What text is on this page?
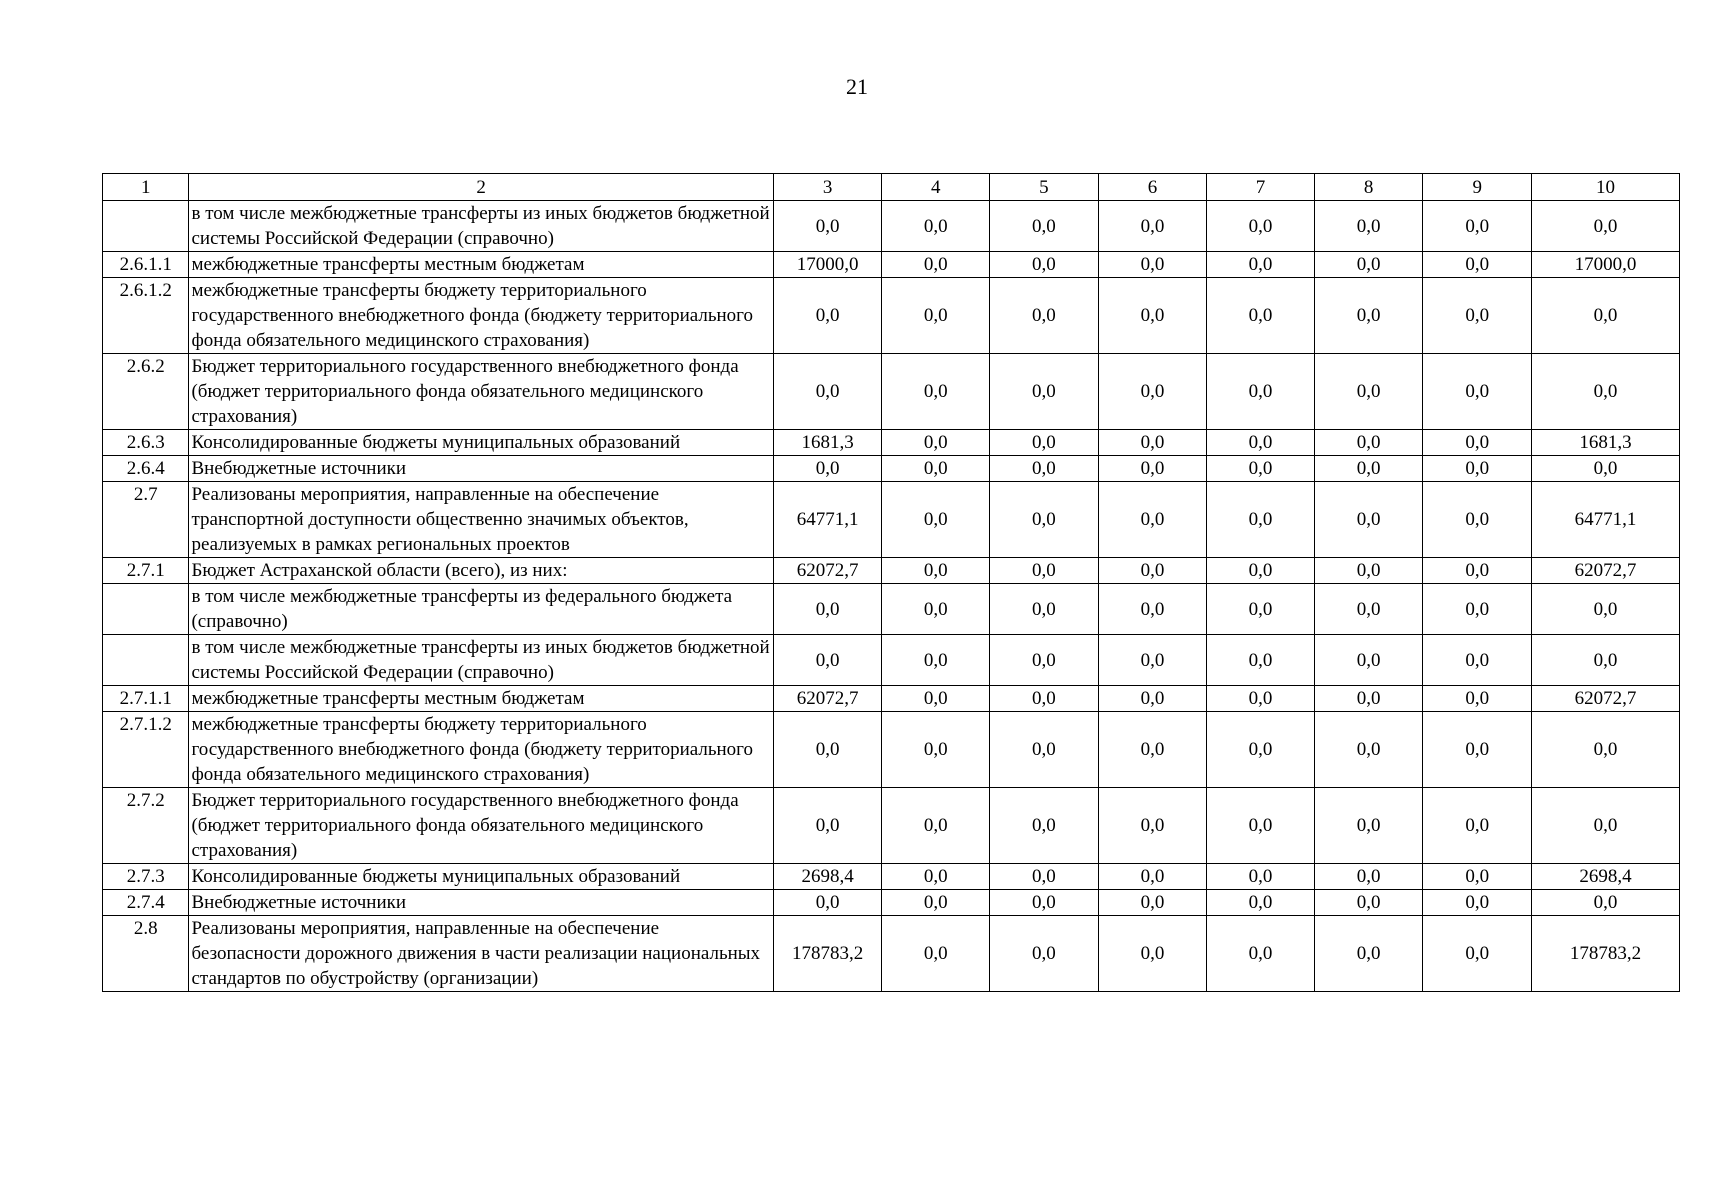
21
1	2	3	4	5	6	7	8	9	10
	в том числе межбюджетные трансферты из иных бюджетов бюджетной системы Российской Федерации (справочно)	0,0	0,0	0,0	0,0	0,0	0,0	0,0	0,0
2.6.1.1	межбюджетные трансферты местным бюджетам	17000,0	0,0	0,0	0,0	0,0	0,0	0,0	17000,0
2.6.1.2	межбюджетные трансферты бюджету территориального государственного внебюджетного фонда (бюджету территориального фонда обязательного медицинского страхования)	0,0	0,0	0,0	0,0	0,0	0,0	0,0	0,0
2.6.2	Бюджет территориального государственного внебюджетного фонда (бюджет территориального фонда обязательного медицинского страхования)	0,0	0,0	0,0	0,0	0,0	0,0	0,0	0,0
2.6.3	Консолидированные бюджеты муниципальных образований	1681,3	0,0	0,0	0,0	0,0	0,0	0,0	1681,3
2.6.4	Внебюджетные источники	0,0	0,0	0,0	0,0	0,0	0,0	0,0	0,0
2.7	Реализованы мероприятия, направленные на обеспечение транспортной доступности общественно значимых объектов, реализуемых в рамках региональных проектов	64771,1	0,0	0,0	0,0	0,0	0,0	0,0	64771,1
2.7.1	Бюджет Астраханской области (всего), из них:	62072,7	0,0	0,0	0,0	0,0	0,0	0,0	62072,7
	в том числе межбюджетные трансферты из федерального бюджета (справочно)	0,0	0,0	0,0	0,0	0,0	0,0	0,0	0,0
	в том числе межбюджетные трансферты из иных бюджетов бюджетной системы Российской Федерации (справочно)	0,0	0,0	0,0	0,0	0,0	0,0	0,0	0,0
2.7.1.1	межбюджетные трансферты местным бюджетам	62072,7	0,0	0,0	0,0	0,0	0,0	0,0	62072,7
2.7.1.2	межбюджетные трансферты бюджету территориального государственного внебюджетного фонда (бюджету территориального фонда обязательного медицинского страхования)	0,0	0,0	0,0	0,0	0,0	0,0	0,0	0,0
2.7.2	Бюджет территориального государственного внебюджетного фонда (бюджет территориального фонда обязательного медицинского страхования)	0,0	0,0	0,0	0,0	0,0	0,0	0,0	0,0
2.7.3	Консолидированные бюджеты муниципальных образований	2698,4	0,0	0,0	0,0	0,0	0,0	0,0	2698,4
2.7.4	Внебюджетные источники	0,0	0,0	0,0	0,0	0,0	0,0	0,0	0,0
2.8	Реализованы мероприятия, направленные на обеспечение безопасности дорожного движения в части реализации национальных стандартов по обустройству (организации)	178783,2	0,0	0,0	0,0	0,0	0,0	0,0	178783,2
